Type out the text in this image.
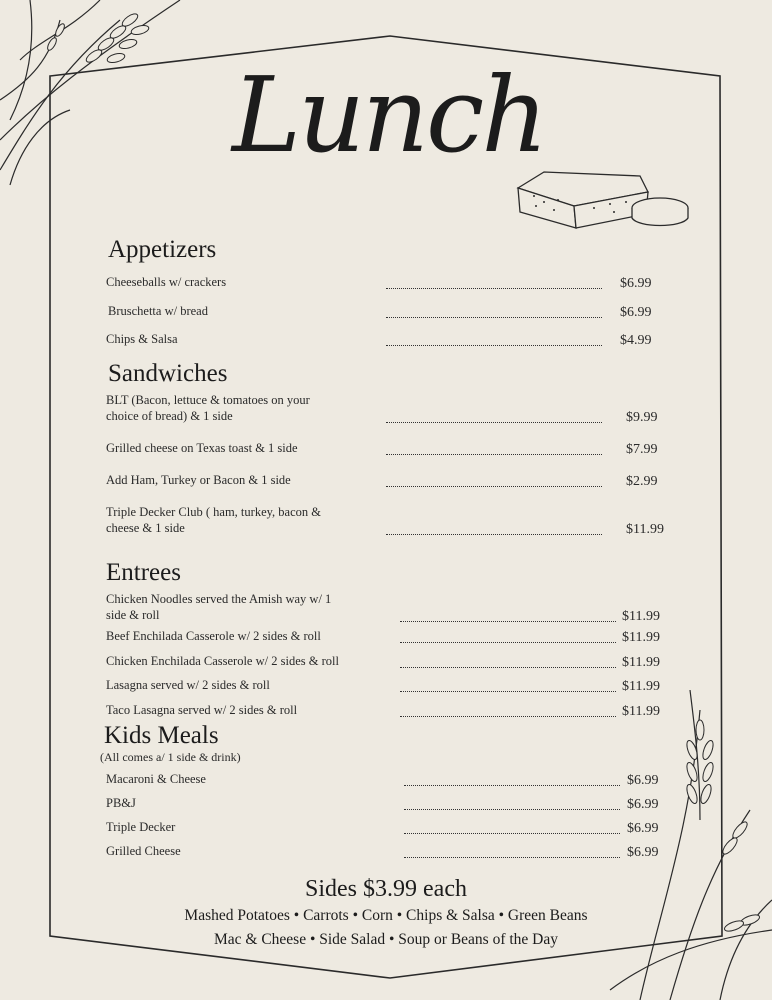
Lunch
Appetizers
Cheeseballs w/ crackers	$6.99
Bruschetta w/ bread	$6.99
Chips & Salsa	$4.99
Sandwiches
BLT (Bacon, lettuce & tomatoes on your
choice of bread) & 1 side	$9.99
Grilled cheese on Texas toast & 1 side	$7.99
Add Ham, Turkey or Bacon & 1 side	$2.99
Triple Decker Club ( ham, turkey, bacon &
cheese & 1 side	$11.99
Entrees
Chicken Noodles served the Amish way w/ 1
side & roll	$11.99
Beef Enchilada Casserole w/ 2 sides & roll	$11.99
Chicken Enchilada Casserole w/ 2 sides & roll	$11.99
Lasagna served w/ 2 sides & roll	$11.99
Taco Lasagna served w/ 2 sides & roll	$11.99
Kids Meals
(All comes a/ 1 side & drink)
Macaroni & Cheese	$6.99
PB&J	$6.99
Triple Decker	$6.99
Grilled Cheese	$6.99
Sides $3.99 each
Mashed Potatoes • Carrots • Corn • Chips & Salsa • Green Beans
Mac & Cheese • Side Salad • Soup or Beans of the Day
